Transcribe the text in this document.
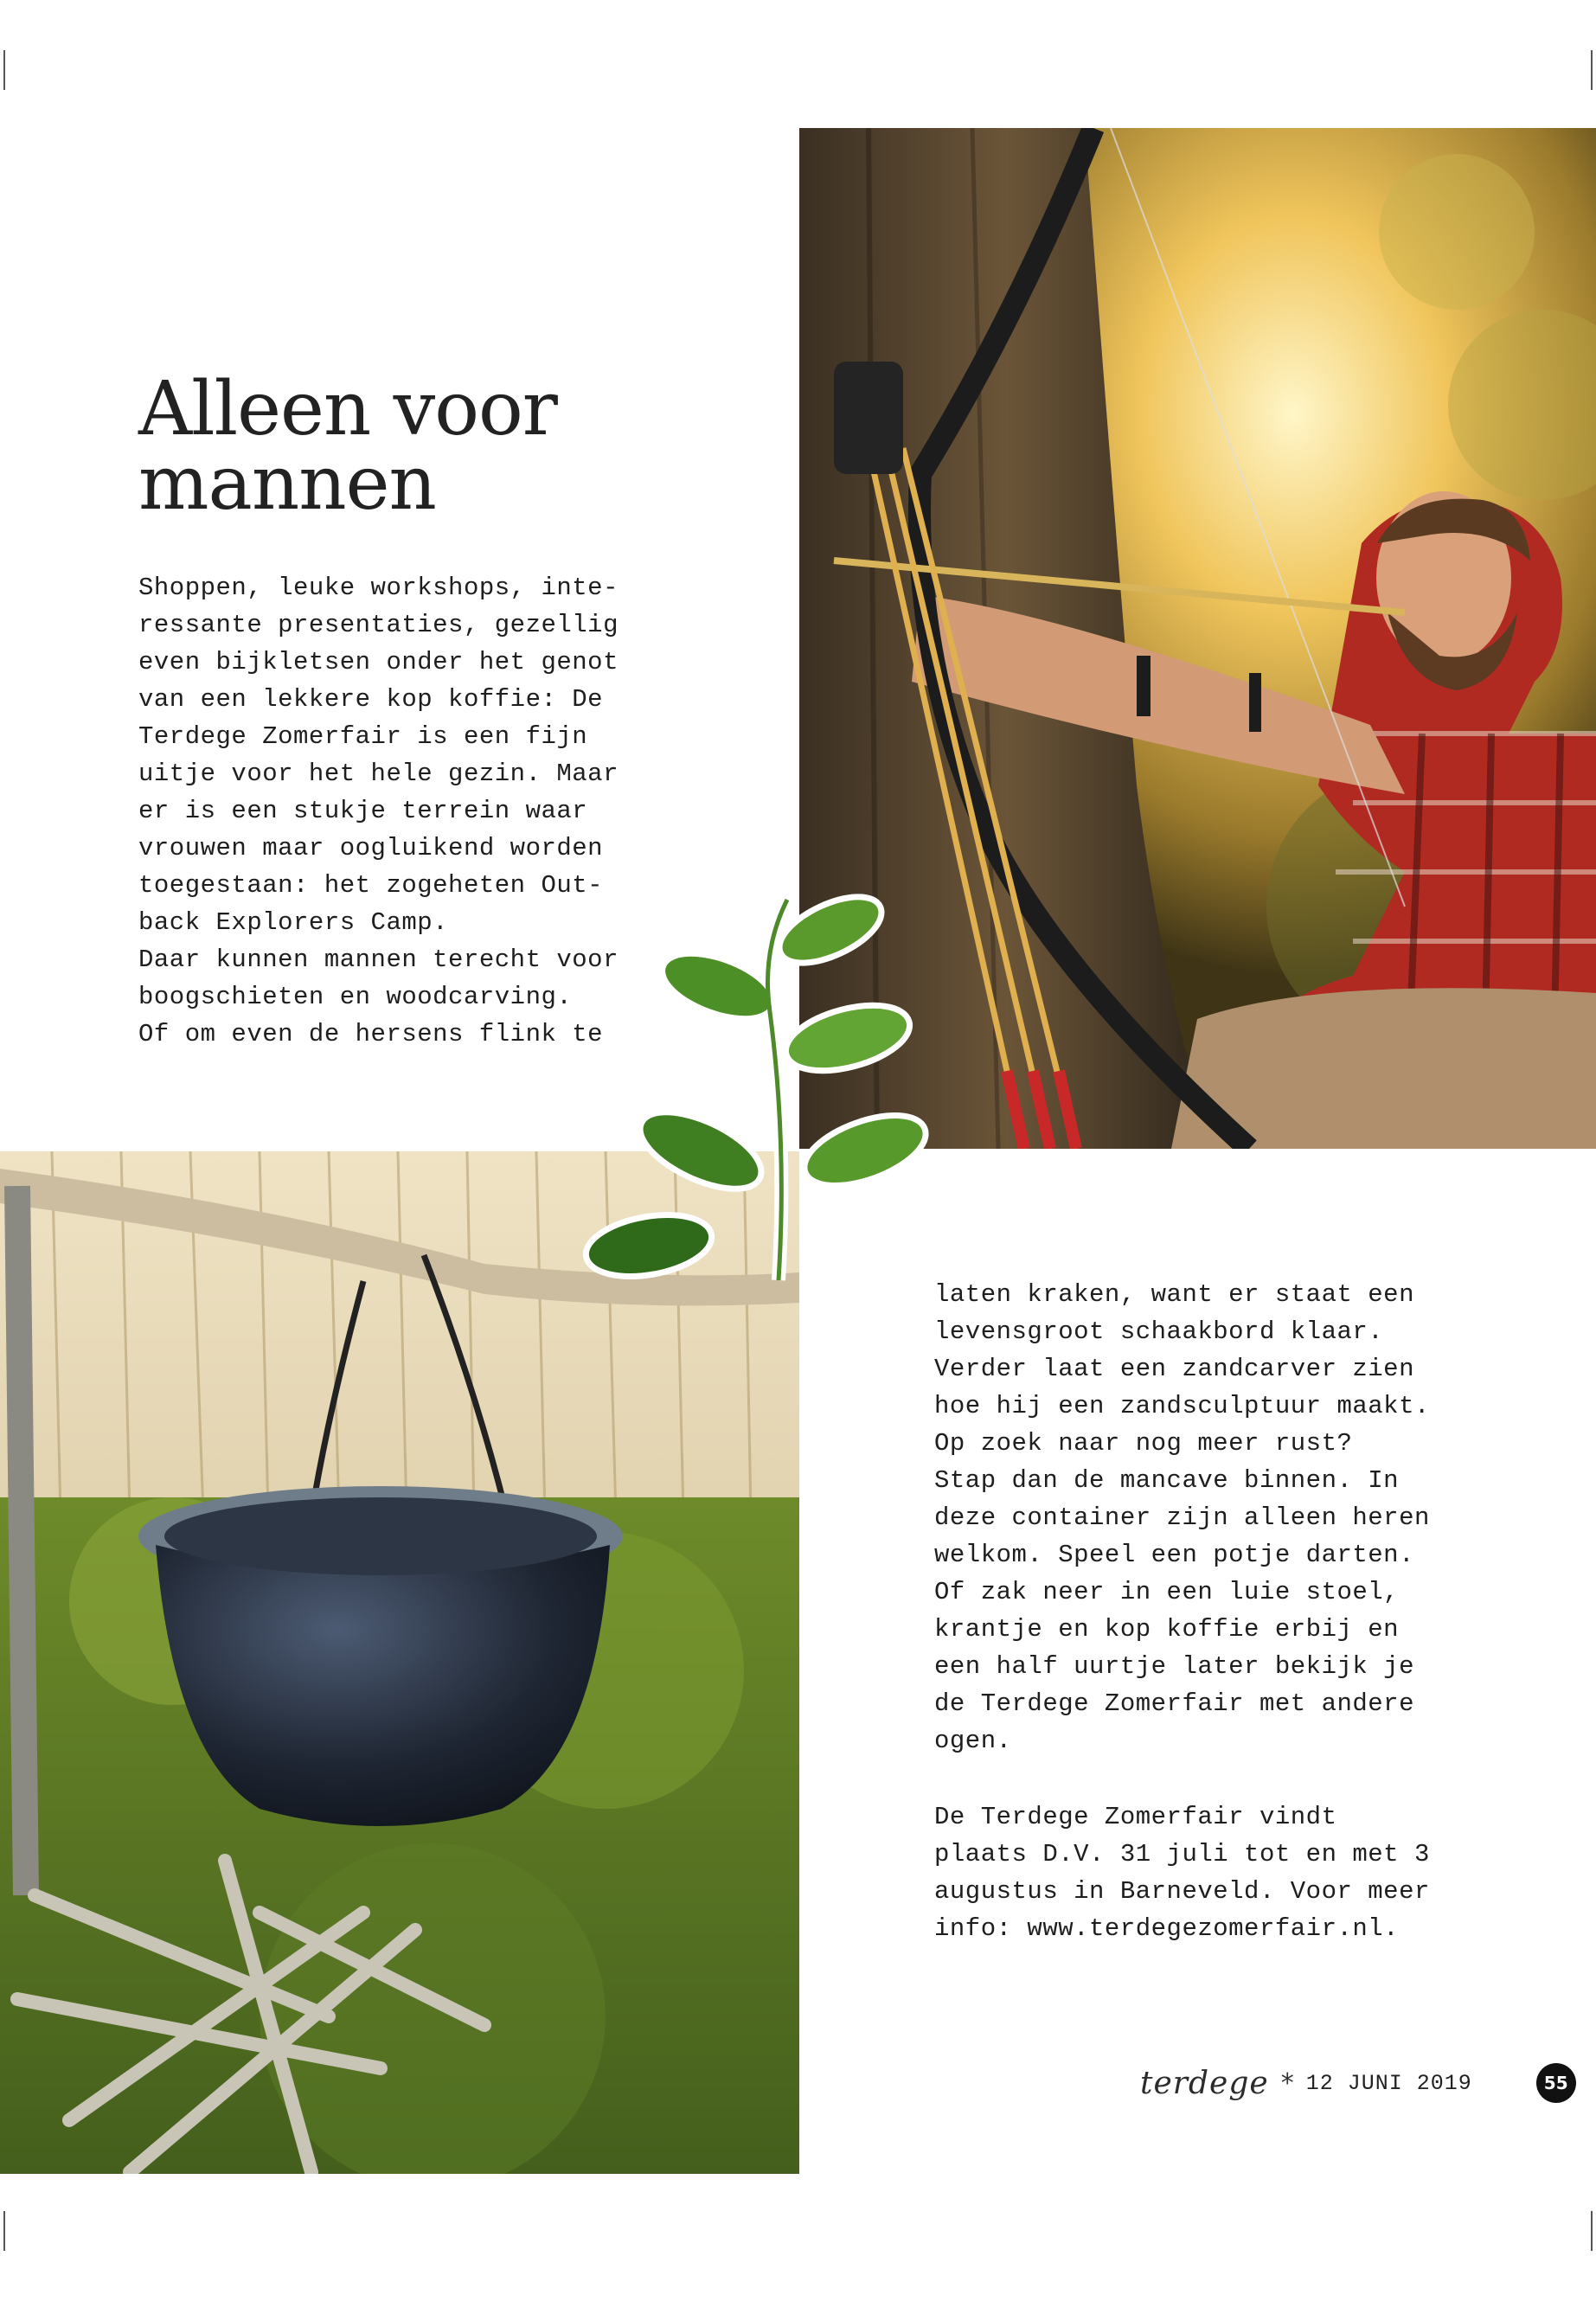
Alleen voor
mannen
Shoppen, leuke workshops, inte-
ressante presentaties, gezellig
even bijkletsen onder het genot
van een lekkere kop koffie: De
Terdege Zomerfair is een fijn
uitje voor het hele gezin. Maar
er is een stukje terrein waar
vrouwen maar oogluikend worden
toegestaan: het zogeheten Out-
back Explorers Camp.
Daar kunnen mannen terecht voor
boogschieten en woodcarving.
Of om even de hersens flink te
laten kraken, want er staat een
levensgroot schaakbord klaar.
Verder laat een zandcarver zien
hoe hij een zandsculptuur maakt.
Op zoek naar nog meer rust?
Stap dan de mancave binnen. In
deze container zijn alleen heren
welkom. Speel een potje darten.
Of zak neer in een luie stoel,
krantje en kop koffie erbij en
een half uurtje later bekijk je
de Terdege Zomerfair met andere
ogen.
De Terdege Zomerfair vindt
plaats D.V. 31 juli tot en met 3
augustus in Barneveld. Voor meer
info: www.terdegezomerfair.nl.
terdege * 12 JUNI 2019	55
